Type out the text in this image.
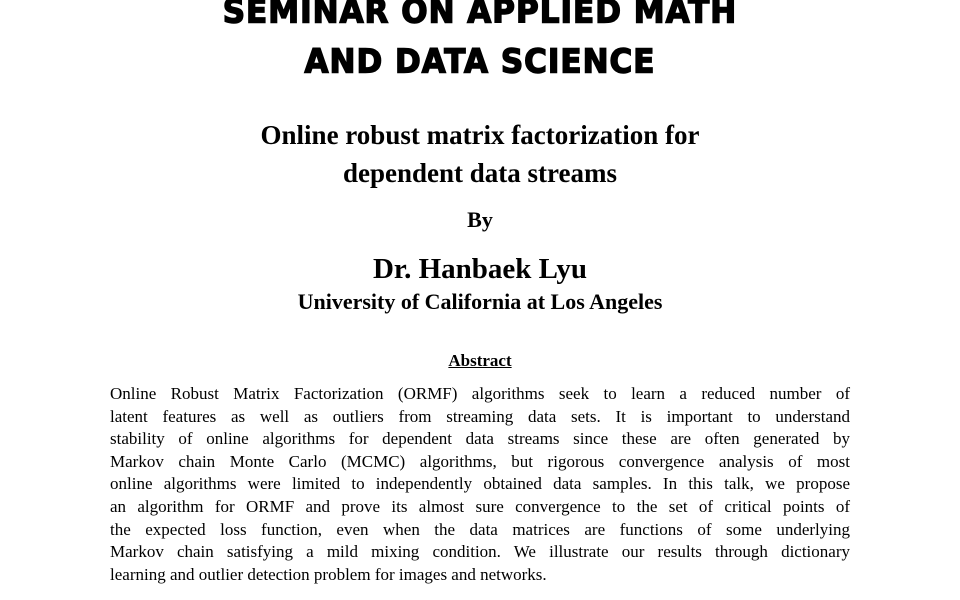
SEMINAR ON APPLIED MATH
AND DATA SCIENCE
Online robust matrix factorization for
dependent data streams
By
Dr. Hanbaek Lyu
University of California at Los Angeles
Abstract
Online Robust Matrix Factorization (ORMF) algorithms seek to learn a reduced number of
latent features as well as outliers from streaming data sets. It is important to understand
stability of online algorithms for dependent data streams since these are often generated by
Markov chain Monte Carlo (MCMC) algorithms, but rigorous convergence analysis of most
online algorithms were limited to independently obtained data samples. In this talk, we propose
an algorithm for ORMF and prove its almost sure convergence to the set of critical points of
the expected loss function, even when the data matrices are functions of some underlying
Markov chain satisfying a mild mixing condition. We illustrate our results through dictionary
learning and outlier detection problem for images and networks.
